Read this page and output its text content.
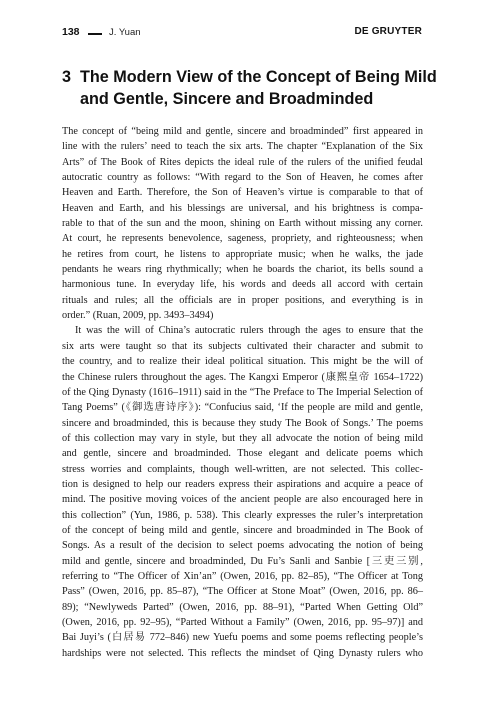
138	J. Yuan	DE GRUYTER
3 The Modern View of the Concept of Being Mild
and Gentle, Sincere and Broadminded
The concept of “being mild and gentle, sincere and broadminded” first appeared in
line with the rulers’ need to teach the six arts. The chapter “Explanation of the Six
Arts” of The Book of Rites depicts the ideal rule of the rulers of the unified feudal
autocratic country as follows: “With regard to the Son of Heaven, he comes after
Heaven and Earth. Therefore, the Son of Heaven’s virtue is comparable to that of
Heaven and Earth, and his blessings are universal, and his brightness is compa-
rable to that of the sun and the moon, shining on Earth without missing any corner.
At court, he represents benevolence, sageness, propriety, and righteousness; when
he retires from court, he listens to appropriate music; when he walks, the jade
pendants he wears ring rhythmically; when he boards the chariot, its bells sound a
harmonious tune. In everyday life, his words and deeds all accord with certain
rituals and rules; all the officials are in proper positions, and everything is in
order.” (Ruan, 2009, pp. 3493–3494)
It was the will of China’s autocratic rulers through the ages to ensure that the
six arts were taught so that its subjects cultivated their character and submit to
the country, and to realize their ideal political situation. This might be the will of
the Chinese rulers throughout the ages. The Kangxi Emperor (康熙皇帝 1654–1722)
of the Qing Dynasty (1616–1911) said in the “The Preface to The Imperial Selection of
Tang Poems” (《御选唐诗序》): “Confucius said, ‘If the people are mild and gentle,
sincere and broadminded, this is because they study The Book of Songs.’ The poems
of this collection may vary in style, but they all advocate the notion of being mild
and gentle, sincere and broadminded. Those elegant and delicate poems which
stress worries and complaints, though well-written, are not selected. This collec-
tion is designed to help our readers express their aspirations and acquire a peace of
mind. The positive moving voices of the ancient people are also encouraged here in
this collection” (Yun, 1986, p. 538). This clearly expresses the ruler’s interpretation
of the concept of being mild and gentle, sincere and broadminded in The Book of
Songs. As a result of the decision to select poems advocating the notion of being
mild and gentle, sincere and broadminded, Du Fu’s Sanli and Sanbie [三吏三别,
referring to “The Officer of Xin’an” (Owen, 2016, pp. 82–85), “The Officer at Tong
Pass” (Owen, 2016, pp. 85–87), “The Officer at Stone Moat” (Owen, 2016, pp. 86–
89); “Newlyweds Parted” (Owen, 2016, pp. 88–91), “Parted When Getting Old”
(Owen, 2016, pp. 92–95), “Parted Without a Family” (Owen, 2016, pp. 95–97)] and
Bai Juyi’s (白居易 772–846) new Yuefu poems and some poems reflecting people’s
hardships were not selected. This reflects the mindset of Qing Dynasty rulers who
